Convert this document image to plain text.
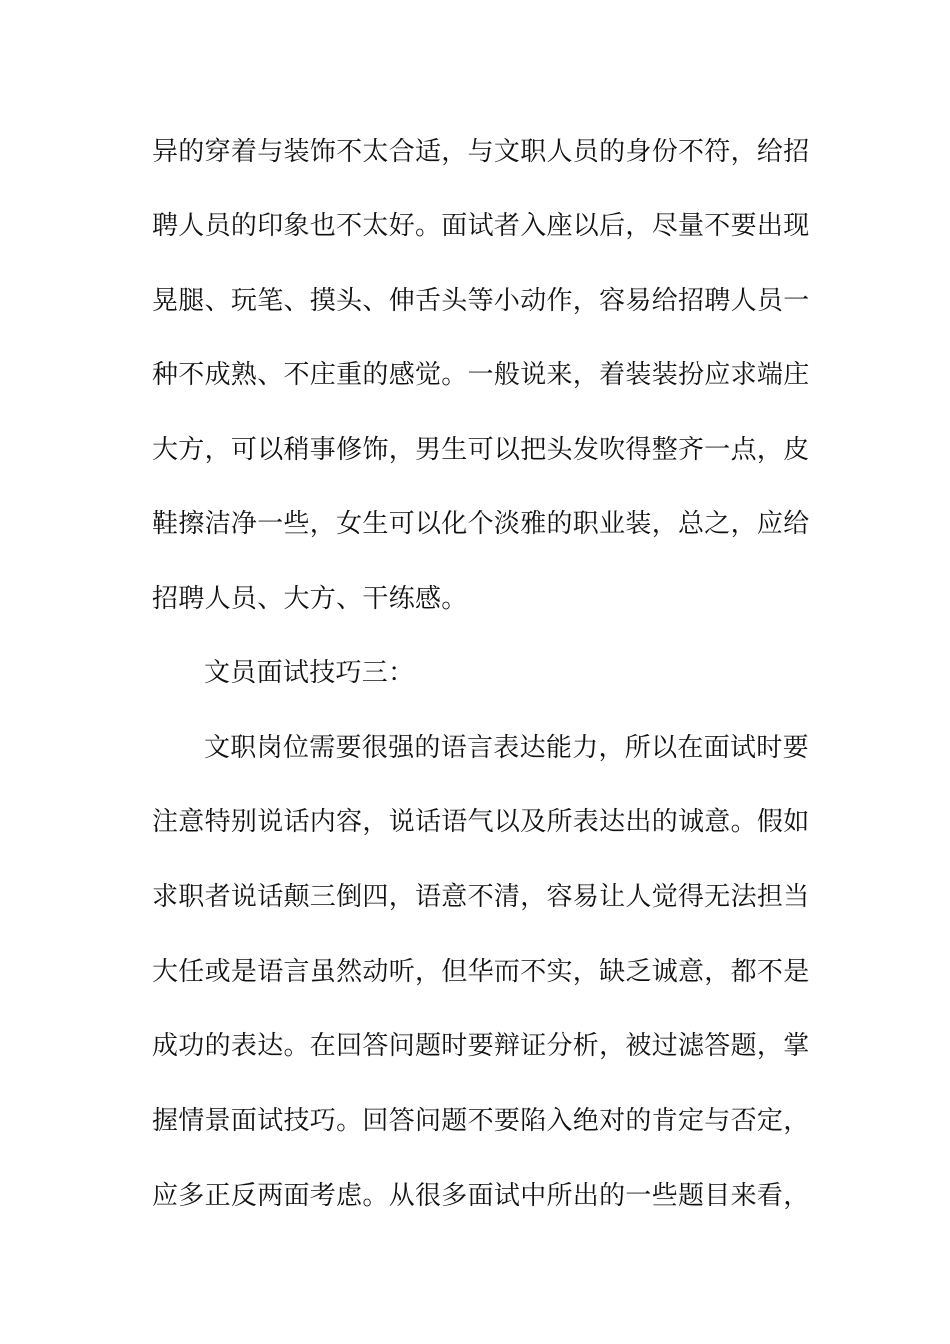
异的穿着与装饰不太合适，与文职人员的身份不符，给招
聘人员的印象也不太好。面试者入座以后，尽量不要出现
晃腿、玩笔、摸头、伸舌头等小动作，容易给招聘人员一
种不成熟、不庄重的感觉。一般说来，着装装扮应求端庄
大方，可以稍事修饰，男生可以把头发吹得整齐一点，皮
鞋擦洁净一些，女生可以化个淡雅的职业装，总之，应给
招聘人员、大方、干练感。
文员面试技巧三：
文职岗位需要很强的语言表达能力，所以在面试时要
注意特别说话内容，说话语气以及所表达出的诚意。假如
求职者说话颠三倒四，语意不清，容易让人觉得无法担当
大任或是语言虽然动听，但华而不实，缺乏诚意，都不是
成功的表达。在回答问题时要辩证分析，被过滤答题，掌
握情景面试技巧。回答问题不要陷入绝对的肯定与否定，
应多正反两面考虑。从很多面试中所出的一些题目来看，
